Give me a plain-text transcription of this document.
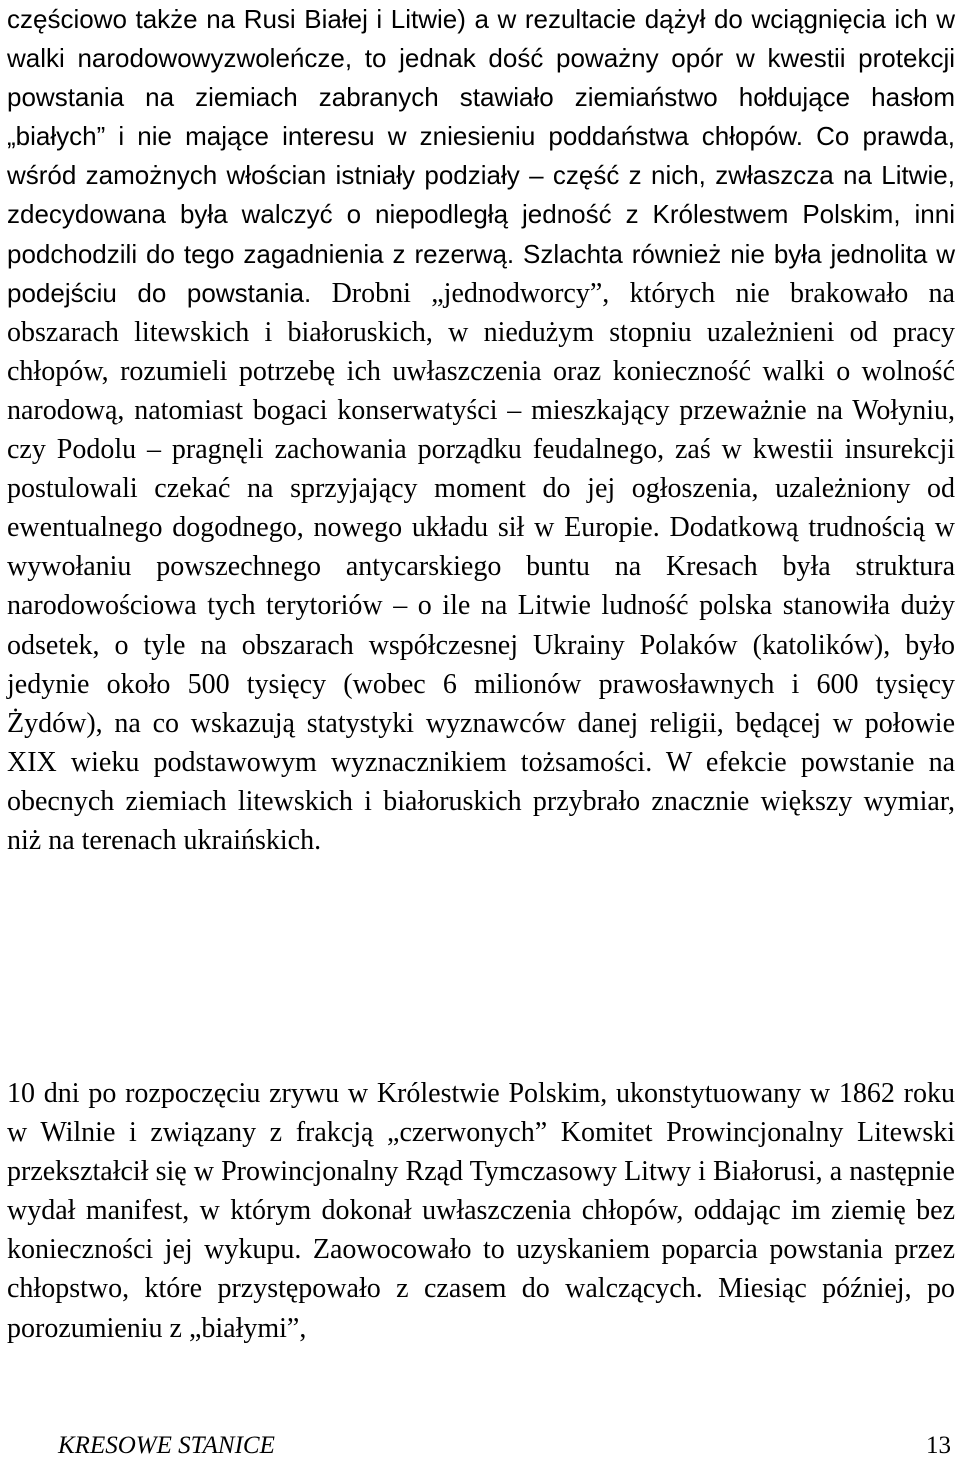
częściowo także na Rusi Białej i Litwie) a w rezultacie dążył do wciągnięcia ich w walki narodowowyzwoleńcze, to jednak dość poważny opór w kwestii protekcji powstania na ziemiach zabranych stawiało ziemiaństwo hołdujące hasłom „białych” i nie mające interesu w zniesieniu poddaństwa chłopów. Co prawda, wśród zamożnych włościan istniały podziały – część z nich, zwłaszcza na Litwie, zdecydowana była walczyć o niepodległą jedność z Królestwem Polskim, inni podchodzili do tego zagadnienia z rezerwą. Szlachta również nie była jednolita w podejściu do powstania. Drobni „jednodworcy”, których nie brakowało na obszarach litewskich i białoruskich, w niedużym stopniu uzależnieni od pracy chłopów, rozumieli potrzebę ich uwłaszczenia oraz konieczność walki o wolność narodową, natomiast bogaci konserwatyści – mieszkający przeważnie na Wołyniu, czy Podolu – pragnęli zachowania porządku feudalnego, zaś w kwestii insurekcji postulowali czekać na sprzyjający moment do jej ogłoszenia, uzależniony od ewentualnego dogodnego, nowego układu sił w Europie. Dodatkową trudnością w wywołaniu powszechnego antycarskiego buntu na Kresach była struktura narodowościowa tych terytoriów – o ile na Litwie ludność polska stanowiła duży odsetek, o tyle na obszarach współczesnej Ukrainy Polaków (katolików), było jedynie około 500 tysięcy (wobec 6 milionów prawosławnych i 600 tysięcy Żydów), na co wskazują statystyki wyznawców danej religii, będącej w połowie XIX wieku podstawowym wyznacznikiem tożsamości. W efekcie powstanie na obecnych ziemiach litewskich i białoruskich przybrało znacznie większy wymiar, niż na terenach ukraińskich.

10 dni po rozpoczęciu zrywu w Królestwie Polskim, ukonstytuowany w 1862 roku w Wilnie i związany z frakcją „czerwonych” Komitet Prowincjonalny Litewski przekształcił się w Prowincjonalny Rząd Tymczasowy Litwy i Białorusi, a następnie wydał manifest, w którym dokonał uwłaszczenia chłopów, oddając im ziemię bez konieczności jej wykupu. Zaowocowało to uzyskaniem poparcia powstania przez chłopstwo, które przystępowało z czasem do walczących. Miesiąc później, po porozumieniu z „białymi”,

KRESOWE STANICE	13
